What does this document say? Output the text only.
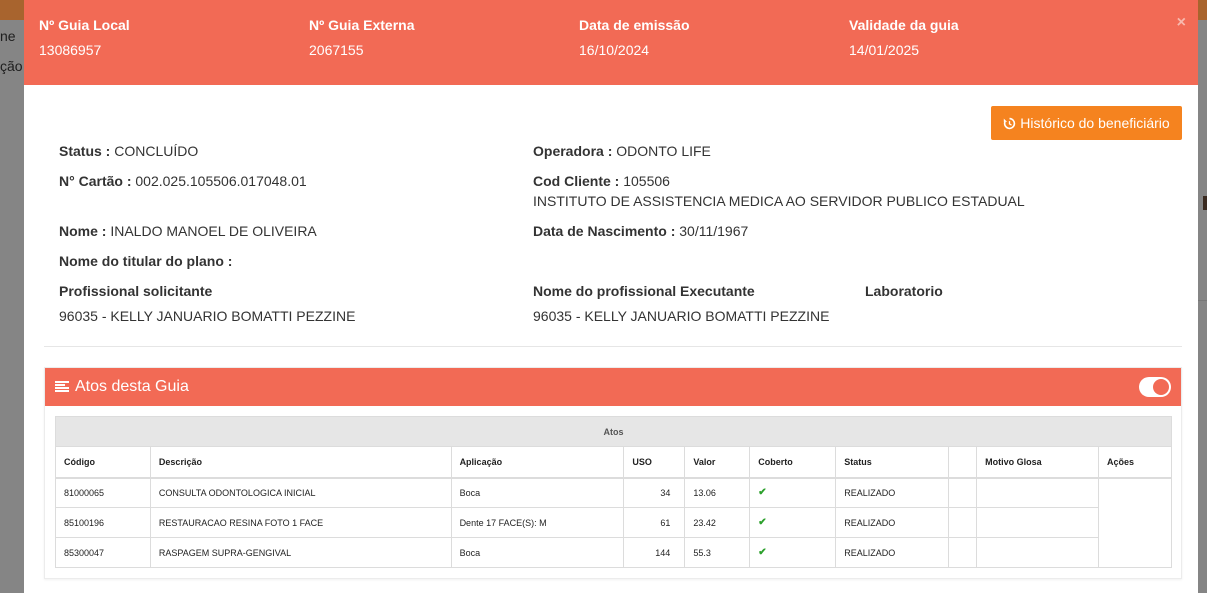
ne
ção
Nº Guia Local
13086957
Nº Guia Externa
2067155
Data de emissão
16/10/2024
Validade da guia
14/01/2025
×
Histórico do beneficiário
Status : CONCLUÍDO	Operadora : ODONTO LIFE
N° Cartão : 002.025.105506.017048.01	Cod Cliente : 105506
INSTITUTO DE ASSISTENCIA MEDICA AO SERVIDOR PUBLICO ESTADUAL
Nome : INALDO MANOEL DE OLIVEIRA	Data de Nascimento : 30/11/1967
Nome do titular do plano :
Profissional solicitante
96035 - KELLY JANUARIO BOMATTI PEZZINE
Nome do profissional Executante
96035 - KELLY JANUARIO BOMATTI PEZZINE
Laboratorio
Atos desta Guia
Atos									
Código	Descrição	Aplicação	USO	Valor	Coberto	Status		Motivo Glosa	Ações
81000065	CONSULTA ODONTOLOGICA INICIAL	Boca	34	13.06	✔	REALIZADO			
85100196	RESTAURACAO RESINA FOTO 1 FACE	Dente 17 FACE(S): M	61	23.42	✔	REALIZADO			
85300047	RASPAGEM SUPRA-GENGIVAL	Boca	144	55.3	✔	REALIZADO			
